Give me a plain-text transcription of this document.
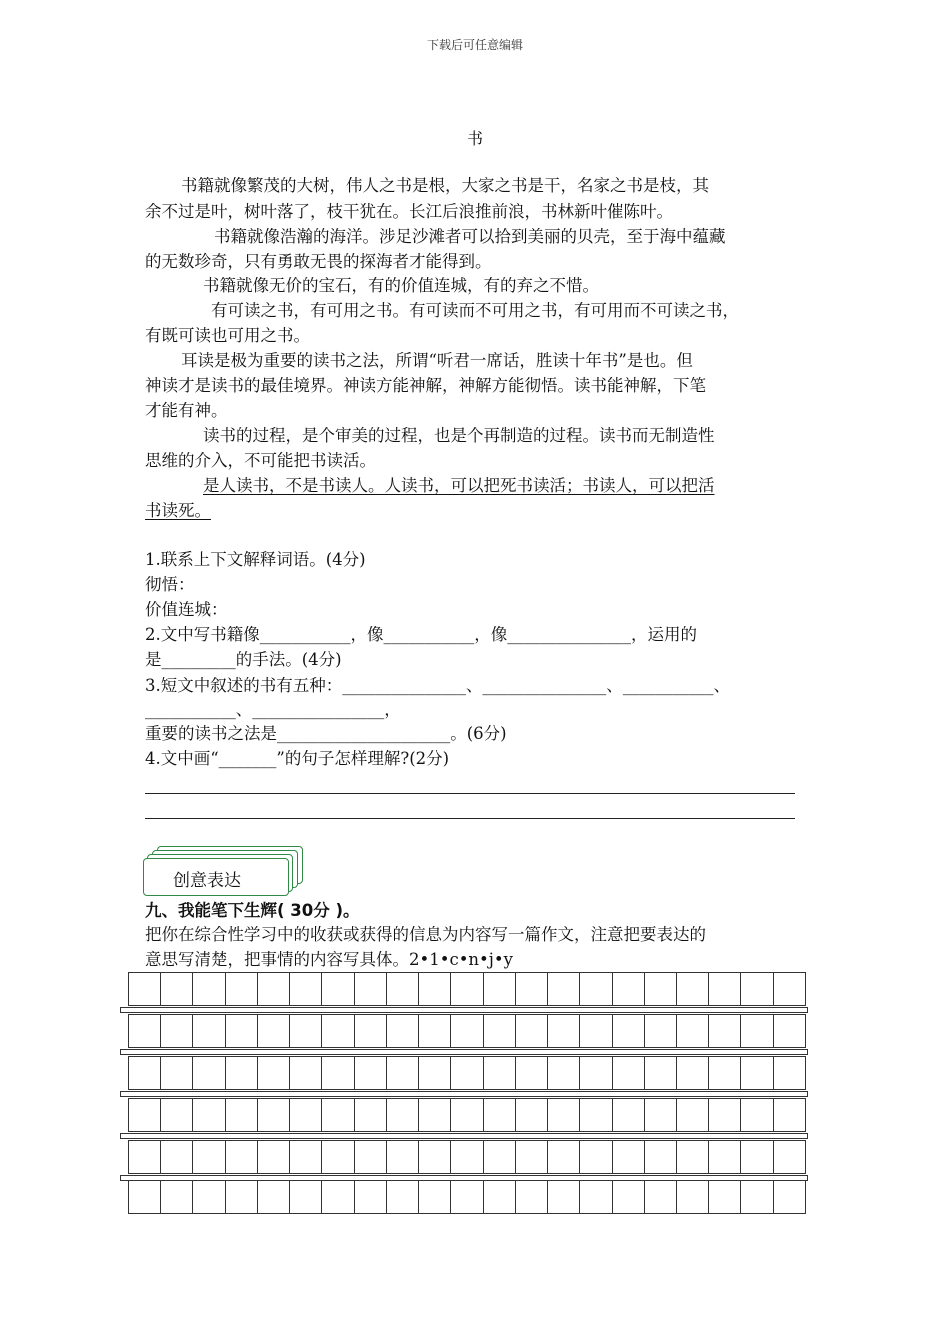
下载后可任意编辑
书
书籍就像繁茂的大树，伟人之书是根，大家之书是干，名家之书是枝，其
余不过是叶，树叶落了，枝干犹在。长江后浪推前浪，书林新叶催陈叶。
书籍就像浩瀚的海洋。涉足沙滩者可以拾到美丽的贝壳，至于海中蕴藏
的无数珍奇，只有勇敢无畏的探海者才能得到。
书籍就像无价的宝石，有的价值连城，有的弃之不惜。
有可读之书，有可用之书。有可读而不可用之书，有可用而不可读之书，
有既可读也可用之书。
耳读是极为重要的读书之法，所谓“听君一席话，胜读十年书”是也。但
神读才是读书的最佳境界。神读方能神解，神解方能彻悟。读书能神解，下笔
才能有神。
读书的过程，是个审美的过程，也是个再制造的过程。读书而无制造性
思维的介入，不可能把书读活。
是人读书，不是书读人。人读书，可以把死书读活；书读人，可以把活
书读死。
1.联系上下文解释词语。(4分)
彻悟：
价值连城：
2.文中写书籍像___________，像___________，像_______________，运用的
是_________的手法。(4分)
3.短文中叙述的书有五种：_______________、_______________、___________、
___________、________________，
重要的读书之法是_____________________。(6分)
4.文中画“_______”的句子怎样理解?(2分)
创意表达
九、我能笔下生辉( 30分 )。
把你在综合性学习中的收获或获得的信息为内容写一篇作文，注意把要表达的
意思写清楚，把事情的内容写具体。2•1•c•n•j•y
